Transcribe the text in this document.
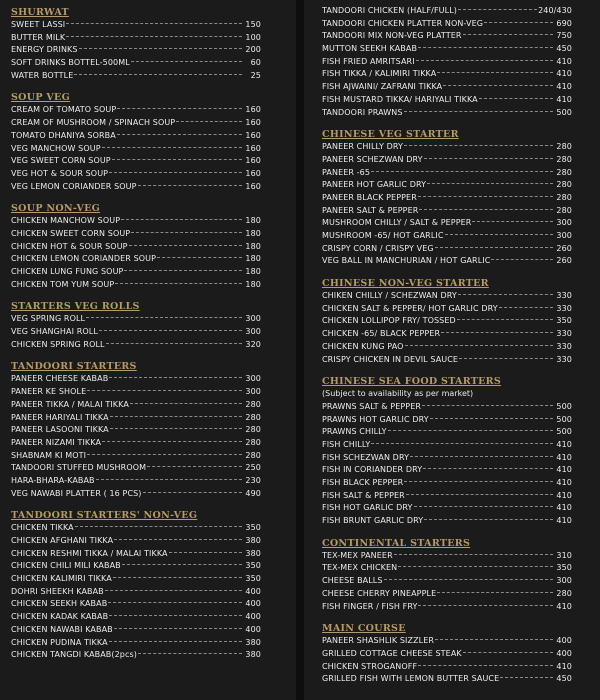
SHURWAT
SWEET LASSI	150
BUTTER MILK	100
ENERGY DRINKS	200
SOFT DRINKS BOTTEL-500ML	60
WATER BOTTLE	25
SOUP VEG
CREAM OF TOMATO SOUP	160
CREAM OF MUSHROOM / SPINACH SOUP	160
TOMATO DHANIYA SORBA	160
VEG MANCHOW SOUP	160
VEG SWEET CORN SOUP	160
VEG HOT & SOUR SOUP	160
VEG LEMON CORIANDER SOUP	160
SOUP NON-VEG
CHICKEN MANCHOW SOUP	180
CHICKEN SWEET CORN SOUP	180
CHICKEN HOT & SOUR SOUP	180
CHICKEN LEMON CORIANDER SOUP	180
CHICKEN LUNG FUNG SOUP	180
CHICKEN TOM YUM SOUP	180
STARTERS VEG ROLLS
VEG SPRING ROLL	300
VEG SHANGHAI ROLL	300
CHICKEN SPRING ROLL	320
TANDOORI STARTERS
PANEER CHEESE KABAB	300
PANEER KE SHOLE	300
PANEER TIKKA / MALAI TIKKA	280
PANEER HARIYALI TIKKA	280
PANEER LASOONI TIKKA	280
PANEER NIZAMI TIKKA	280
SHABNAM KI MOTI	280
TANDOORI STUFFED MUSHROOM	250
HARA-BHARA-KABAB	230
VEG NAWABI PLATTER ( 16 PCS)	490
TANDOORI STARTERS' NON-VEG
CHICKEN TIKKA	350
CHICKEN AFGHANI TIKKA	380
CHICKEN RESHMI TIKKA / MALAI TIKKA	380
CHICKEN CHILI MILI KABAB	350
CHICKEN KALIMIRI TIKKA	350
DOHRI SHEEKH KABAB	400
CHICKEN SEEKH KABAB	400
CHICKEN KADAK KABAB	400
CHICKEN NAWABI KABAB	400
CHICKEN PUDINA TIKKA	380
CHICKEN TANGDI KABAB(2pcs)	380
TANDOORI CHICKEN (HALF/FULL)	240/430
TANDOORI CHICKEN PLATTER NON-VEG	690
TANDOORI MIX NON-VEG PLATTER	750
MUTTON SEEKH KABAB	450
FISH FRIED AMRITSARI	410
FISH TIKKA / KALIMIRI TIKKA	410
FISH AJWAINI/ ZAFRANI TIKKA	410
FISH MUSTARD TIKKA/ HARIYALI TIKKA	410
TANDOORI PRAWNS	500
CHINESE VEG STARTER
PANEER CHILLY DRY	280
PANEER SCHEZWAN DRY	280
PANEER -65	280
PANEER HOT GARLIC DRY	280
PANEER BLACK PEPPER	280
PANEER SALT & PEPPER	280
MUSHROOM CHILLY / SALT & PEPPER	300
MUSHROOM -65/ HOT GARLIC	300
CRISPY CORN / CRISPY VEG	260
VEG BALL IN MANCHURIAN / HOT GARLIC	260
CHINESE NON-VEG STARTER
CHIKEN CHILLY / SCHEZWAN DRY	330
CHICKEN SALT & PEPPER/ HOT GARLIC DRY	330
CHICKEN LOLLIPOP FRY/ TOSSED	350
CHICKEN -65/ BLACK PEPPER	330
CHICKEN KUNG PAO	330
CRISPY CHICKEN IN DEVIL SAUCE	330
CHINESE SEA FOOD STARTERS
(Subject to availability as per market)
PRAWNS SALT & PEPPER	500
PRAWNS HOT GARLIC DRY	500
PRAWNS CHILLY	500
FISH CHILLY	410
FISH SCHEZWAN DRY	410
FISH IN CORIANDER DRY	410
FISH BLACK PEPPER	410
FISH SALT & PEPPER	410
FISH HOT GARLIC DRY	410
FISH BRUNT GARLIC DRY	410
CONTINENTAL STARTERS
TEX-MEX PANEER	310
TEX-MEX CHICKEN	350
CHEESE BALLS	300
CHEESE CHERRY PINEAPPLE	280
FISH FINGER / FISH FRY	410
MAIN COURSE
PANEER SHASHLIK SIZZLER	400
GRILLED COTTAGE CHEESE STEAK	400
CHICKEN STROGANOFF	410
GRILLED FISH WITH LEMON BUTTER SAUCE	450
